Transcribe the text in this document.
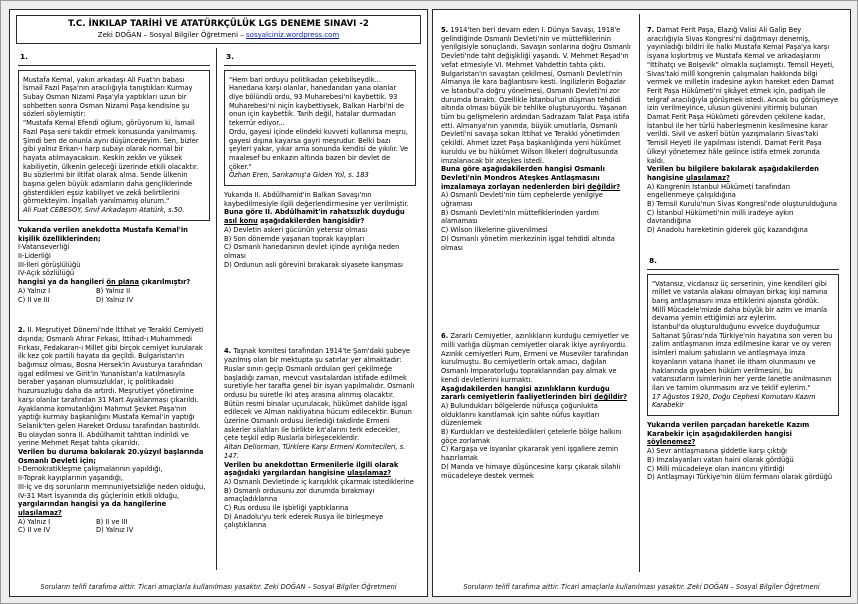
T.C. İNKILAP TARİHİ VE ATATÜRKÇÜLÜK LGS DENEME SINAVI -2
Zeki DOĞAN – Sosyal Bilgiler Öğretmeni – sosyalciniz.wordpress.com
1.

Mustafa Kemal, yakın arkadaşı Ali Fuat'ın babası İsmail Fazıl Paşa'nın aracılığıyla tanıştıkları Kurmay Subay Osman Nizami Paşa'yla yaptıkları uzun bir sohbetten sonra Osman Nizami Paşa kendisine şu sözleri söylemiştir:

"Mustafa Kemal Efendi oğlum, görüyorum ki, İsmail Fazıl Paşa seni takdir etmek konusunda yanılmamış. Şimdi ben de onunla aynı düşüncedeyim. Sen, bizler gibi yalnız Erkan-ı harp subayı olarak normal bir hayata atılmayacaksın. Keskin zekân ve yüksek kabiliyetin, ülkenin geleceği üzerinde etkili olacaktır. Bu sözlerimi bir iltifat olarak alma. Sende ülkenin başına gelen büyük adamların daha gençliklerinde gösterdikleri eşsiz kabiliyet ve zekâ belirtilerini görmekteyim. İnşallah yanılmamış olurum."

Ali Fuat CEBESOY, Sınıf Arkadaşım Atatürk, s.50.

Yukarıda verilen anekdotta Mustafa Kemal'in kişilik özelliklerinden;

I-Vatanseverliği

II-Liderliği

III-İleri görüşlülüğü

IV-Açık sözlülüğü

hangisi ya da hangileri ön plana çıkarılmıştır?

A) Yalnız I	B) Yalnız II
C) II ve III	D) Yalnız IV

2. II. Meşrutiyet Dönemi'nde İttihat ve Terakki Cemiyeti dışında; Osmanlı Ahrar Fırkası, İttihad-ı Muhammedi Fırkası, Fedakaran-ı Millet gibi birçok cemiyet kurularak ilk kez çok partili hayata da geçildi. Bulgaristan'ın bağımsız olması, Bosna Hersek'in Avusturya tarafından işgal edilmesi ve Girit'in Yunanistan'a katılmasıyla beraber yaşanan olumsuzluklar, iç politikadaki huzursuzluğu daha da artırdı. Meşrutiyet yönetimine karşı olanlar tarafından 31 Mart Ayaklanması çıkarıldı. Ayaklanma komutanlığını Mahmut Şevket Paşa'nın yaptığı kurmay başkanlığını Mustafa Kemal'in yaptığı Selanik'ten gelen Hareket Ordusu tarafından bastırıldı. Bu olaydan sonra II. Abdülhamit tahttan indirildi ve yerine Mehmet Reşat tahta çıkarıldı.

Verilen bu duruma bakılarak 20.yüzyıl başlarında Osmanlı Devleti için;

I-Demokratikleşme çalışmalarının yapıldığı,

II-Toprak kayıplarının yaşandığı,

III-İç ve dış sorunların memnuniyetsizliğe neden olduğu,

IV-31 Mart İsyanında dış güçlerinin etkili olduğu,

yargılarından hangisi ya da hangilerine ulaşılamaz?

A) Yalnız I	B) II ve III
C) II ve IV	D) Yalnız IV
3.

"Hem bari orduyu politikadan çekebilseydik... Hanedana karşı olanlar, hanedandan yana olanlar diye bölündü ordu, 93 Muharebesi'ni kaybettik. 93 Muharebesi'ni niçin kaybettiysek, Balkan Harbi'ni de onun için kaybettik. Tarih değil, hatalar durmadan tekerrür ediyor...

Ordu, gayesi içinde elindeki kuvveti kullanırsa meşru, gayesi dışına kayarsa gayri meşrudur. Belki bazı şeyleri yakar, yıkar ama sonunda kendisi de yıkılır. Ve maalesef bu enkazın altında bazen bir devlet de çöker."

Özhan Eren, Sarıkamış'a Giden Yol, s. 183

Yukarıda II. Abdülhamid'in Balkan Savaşı'nın kaybedilmesiyle ilgili değerlendirmesine yer verilmiştir.

Buna göre II. Abdülhamit'in rahatsızlık duyduğu asıl konu aşağıdakilerden hangisidir?

A) Devletin askeri gücünün yetersiz olması

B) Son dönemde yaşanan toprak kayıpları

C) Osmanlı hanedanının devlet içinde ayrılığa neden olması

D) Ordunun asli görevini bırakarak siyasete karışması

4. Taşnak komitesi tarafından 1914'te Şam'daki şubeye yazılmış olan bir mektupta şu satırlar yer almaktadır: Ruslar sınırı geçip Osmanlı orduları geri çekilmeğe başladığı zaman, mevcut vasıtalardan istifade edilmek suretiyle her tarafta genel bir isyan yapılmalıdır. Osmanlı ordusu bu suretle iki ateş arasına alınmış olacaktır. Bütün resmi binalar uçurulacak, hükûmet dahilde işgal edilecek ve Alman nakliyatına hücum edilecektir. Bunun üzerine Osmanlı ordusu ilerlediği takdirde Ermeni askerler silahları ile birlikte kıt'alarını terk edecekler, çete teşkil edip Ruslarla birleşeceklerdir.

Altan Deliorman, Türklere Karşı Ermeni Komitecileri, s. 147.

Verilen bu anekdottan Ermenilerle ilgili olarak aşağıdaki yargılardan hangisine ulaşılamaz?

A) Osmanlı Devletinde iç karışıklık çıkarmak istediklerine

B) Osmanlı ordusunu zor durumda bırakmayı amaçladıklarına

C) Rus ordusu ile işbirliği yaptıklarına

D) Anadolu'yu terk ederek Rusya ile birleşmeye çalıştıklarına

Soruların telifi tarafıma aittir. Ticari amaçlarla kullanılması yasaktır. Zeki DOĞAN – Sosyal Bilgiler Öğretmeni

5. 1914'ten beri devam eden I. Dünya Savaşı, 1918'e gelindiğinde Osmanlı Devleti'nin ve müttefiklerinin yenilgisiyle sonuçlandı. Savaşın sonlarına doğru Osmanlı Devleti'nde taht değişikliği yaşandı. V. Mehmet Reşad'ın vefat etmesiyle VI. Mehmet Vahdettin tahta çıktı. Bulgaristan'ın savaştan çekilmesi, Osmanlı Devleti'nin Almanya ile kara bağlantısını kesti. İngilizlerin Boğazlar ve İstanbul'a doğru yönelmesi, Osmanlı Devleti'ni zor durumda bıraktı. Özellikle İstanbul'un düşman tehdidi altında olması büyük bir tehlike oluşturuyordu. Yaşanan tüm bu gelişmelerin ardından Sadrazam Talat Paşa istifa etti. Almanya'nın yanında, büyük umutlarla, Osmanlı Devleti'ni savaşa sokan İttihat ve Terakki yönetimden çekildi. Ahmet İzzet Paşa başkanlığında yeni hükûmet kuruldu ve bu hükûmet Wilson İlkeleri doğrultusunda imzalanacak bir ateşkes istedi.

Buna göre aşağıdakilerden hangisi Osmanlı Devleti'nin Mondros Ateşkes Antlaşmasını imzalamaya zorlayan nedenlerden biri değildir?

A) Osmanlı Devleti'nin tüm cephelerde yenilgiye uğraması

B) Osmanlı Devleti'nin müttefiklerinden yardım alamaması

C) Wilson İlkelerine güvenilmesi

D) Osmanlı yönetim merkezinin işgal tehdidi altında olması

6. Zararlı Cemiyetler, azınlıkların kurduğu cemiyetler ve milli varlığa düşman cemiyetler olarak ikiye ayrılıyordu. Azınlık cemiyetleri Rum, Ermeni ve Museviler tarafından kurulmuştu. Bu cemiyetlerin ortak amacı, dağılan Osmanlı İmparatorluğu topraklarından pay almak ve kendi devletlerini kurmaktı.

Aşağıdakilerden hangisi azınlıkların kurduğu zararlı cemiyetlerin faaliyetlerinden biri değildir?

A) Bulundukları bölgelerde nüfusça çoğunlukta olduklarını kanıtlamak için sahte nüfus kayıtları düzenlemek

B) Kurdukları ve destekledikleri çetelerle bölge halkını göçe zorlamak

C) Kargaşa ve isyanlar çıkararak yeni işgallere zemin hazırlamak

D) Manda ve himaye düşüncesine karşı çıkarak silahlı mücadeleye destek vermek

7. Damat Ferit Paşa, Elazığ Valisi Ali Galip Bey aracılığıyla Sivas Kongresi'ni dağıtmayı denemiş, yayınladığı bildiri ile halkı Mustafa Kemal Paşa'ya karşı isyana kışkırtmış ve Mustafa Kemal ve arkadaşlarını "İttihatçı ve Bolşevik" olmakla suçlamıştı. Temsil Heyeti, Sivas'taki millî kongrenin çalışmaları hakkında bilgi vermek ve milletin iradesine aykırı hareket eden Damat Ferit Paşa Hükûmeti'ni şikâyet etmek için, padişah ile telgraf aracılığıyla görüşmek istedi. Ancak bu görüşmeye izin verilmeyince, ulusun güvenini yitirmiş bulunan Damat Ferit Paşa Hükûmeti görevden çekilene kadar, İstanbul ile her türlü haberleşmenin kesilmesine karar verildi. Sivil ve askerî bütün yazışmaların Sivas'taki Temsil Heyeti ile yapılması istendi. Damat Ferit Paşa ülkeyi yönetemez hâle gelince istifa etmek zorunda kaldı.

Verilen bu bilgilere bakılarak aşağıdakilerden hangisine ulaşılamaz?

A) Kongrenin İstanbul Hükümeti tarafından engellenmeye çalışıldığına

B) Temsil Kurulu'nun Sivas Kongresi'nde oluşturulduğuna

C) İstanbul Hükümeti'nin milli iradeye aykırı davrandığına

D) Anadolu hareketinin giderek güç kazandığına

8.

"Vatansız, vicdansız üç serserinin, yine kendileri gibi millet ve vatanla alakası olmayan birkaç kişi namına barış antlaşmasını imza ettiklerini ajansta gördük. Millî Mücadele'mizde daha büyük bir azim ve imanla devama yemin ettiğimizi arz eylerim.

İstanbul'da oluşturulduğunu evvelce duyduğumuz Saltanat Şûrası'nda Türkiye'nin hayatına son veren bu zalim antlaşmanın imza edilmesine karar ve oy veren isimleri malum şahısların ve antlaşmaya imza koyanların vatana ihanet ile itham olunmasını ve haklarında gıyaben hüküm verilmesini, bu vatansızların isimlerinin her yerde lanetle anılmasının ilan ve tamim olunmasını arz ve teklif eylerim."

17 Ağustos 1920, Doğu Cephesi Komutanı Kazım Karabekir

Yukarıda verilen parçadan hareketle Kazım Karabekir için aşağıdakilerden hangisi söylenemez?

A) Sevr antlaşmasına şiddetle karşı çıktığı

B) İmzalayanları vatan haini olarak gördüğü

C) Milli mücadeleye olan inancını yitirdiği

D) Antlaşmayı Türkiye'nin ölüm fermanı olarak gördüğü

Soruların telifi tarafıma aittir. Ticari amaçlarla kullanılması yasaktır. Zeki DOĞAN – Sosyal Bilgiler Öğretmeni
